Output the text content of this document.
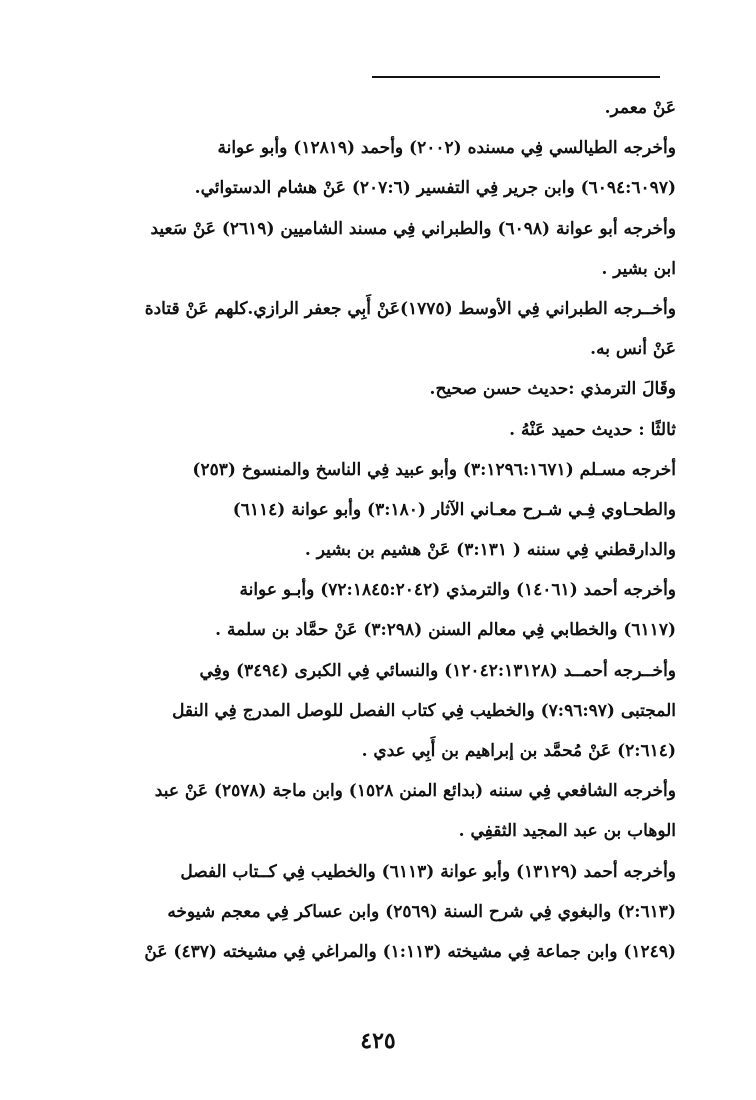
عَنْ معمر.
وأخرجه الطيالسي فِي مسنده (٢٠٠٢) وأحمد (١٢٨١٩) وأبو عوانة
(٦٠٩٤:٦٠٩٧) وابن جرير فِي التفسير (٢٠٧:٦) عَنْ هشام الدستوائي.
وأخرجه أبو عوانة (٦٠٩٨) والطبراني فِي مسند الشاميين (٢٦١٩) عَنْ سَعيد
ابن بشير .
وأخــرجه الطبراني فِي الأوسط (١٧٧٥)عَنْ أَبِي جعفر الرازي.كلهم عَنْ قتادة
عَنْ أنس به.
وقَالَ الترمذي :حديث حسن صحيح.
ثالثًا : حديث حميد عَنْهُ .
أخرجه مسـلم (٣:١٢٩٦:١٦٧١) وأبو عبيد فِي الناسخ والمنسوخ (٢٥٣)
والطحـاوي فِـي شـرح معـاني الآثار (٣:١٨٠) وأبو عوانة (٦١١٤)
والدارقطني فِي سننه ( ٣:١٣١) عَنْ هشيم بن بشير .
وأخرجه أحمد (١٤٠٦١) والترمذي (٧٢:١٨٤٥:٢٠٤٢) وأبـو عوانة
(٦١١٧) والخطابي فِي معالم السنن (٣:٢٩٨) عَنْ حمَّاد بن سلمة .
وأخــرجه أحمــد (١٢٠٤٢:١٣١٢٨) والنسائي فِي الكبرى (٣٤٩٤) وفِي
المجتبى (٧:٩٦:٩٧) والخطيب فِي كتاب الفصل للوصل المدرج فِي النقل
(٢:٦١٤) عَنْ مُحمَّد بن إبراهيم بن أَبِي عدي .
وأخرجه الشافعي فِي سننه (بدائع المنن ١٥٢٨) وابن ماجة (٢٥٧٨) عَنْ عبد
الوهاب بن عبد المجيد الثقفِي .
وأخرجه أحمد (١٣١٢٩) وأبو عوانة (٦١١٣) والخطيب فِي كــتاب الفصل
(٢:٦١٣) والبغوي فِي شرح السنة (٢٥٦٩) وابن عساكر فِي معجم شيوخه
(١٢٤٩) وابن جماعة فِي مشيخته (١:١١٣) والمراغي فِي مشيخته (٤٣٧) عَنْ
٤٢٥
